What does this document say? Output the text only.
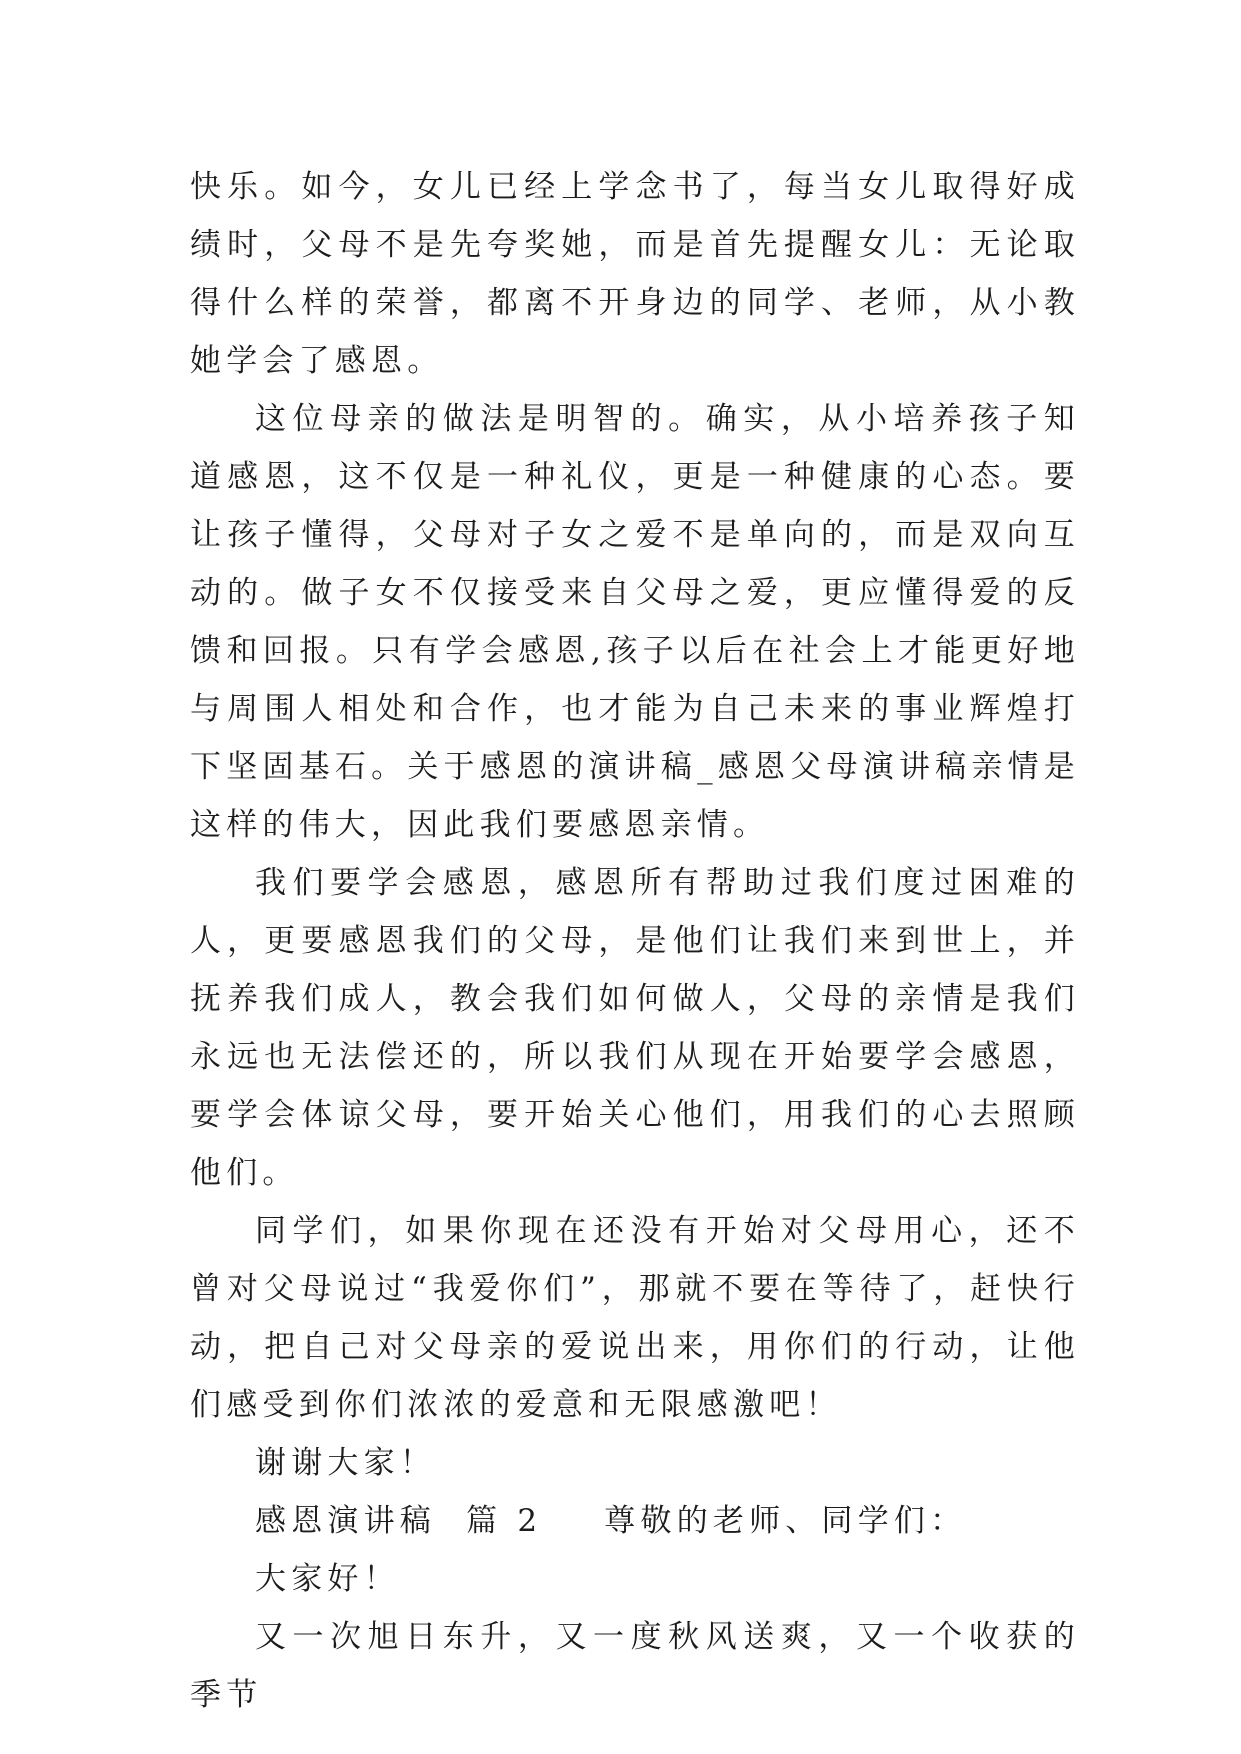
快乐。如今，女儿已经上学念书了，每当女儿取得好成绩时，父母不是先夸奖她，而是首先提醒女儿：无论取得什么样的荣誉，都离不开身边的同学、老师，从小教她学会了感恩。

这位母亲的做法是明智的。确实，从小培养孩子知道感恩，这不仅是一种礼仪，更是一种健康的心态。要让孩子懂得，父母对子女之爱不是单向的，而是双向互动的。做子女不仅接受来自父母之爱，更应懂得爱的反馈和回报。只有学会感恩,孩子以后在社会上才能更好地与周围人相处和合作，也才能为自己未来的事业辉煌打下坚固基石。关于感恩的演讲稿_感恩父母演讲稿亲情是这样的伟大，因此我们要感恩亲情。

我们要学会感恩，感恩所有帮助过我们度过困难的人，更要感恩我们的父母，是他们让我们来到世上，并抚养我们成人，教会我们如何做人，父母的亲情是我们永远也无法偿还的，所以我们从现在开始要学会感恩，要学会体谅父母，要开始关心他们，用我们的心去照顾他们。

同学们，如果你现在还没有开始对父母用心，还不曾对父母说过“我爱你们”，那就不要在等待了，赶快行动，把自己对父母亲的爱说出来，用你们的行动，让他们感受到你们浓浓的爱意和无限感激吧！

谢谢大家！

感恩演讲稿 篇 2 尊敬的老师、同学们：

大家好！

又一次旭日东升，又一度秋风送爽，又一个收获的季节
